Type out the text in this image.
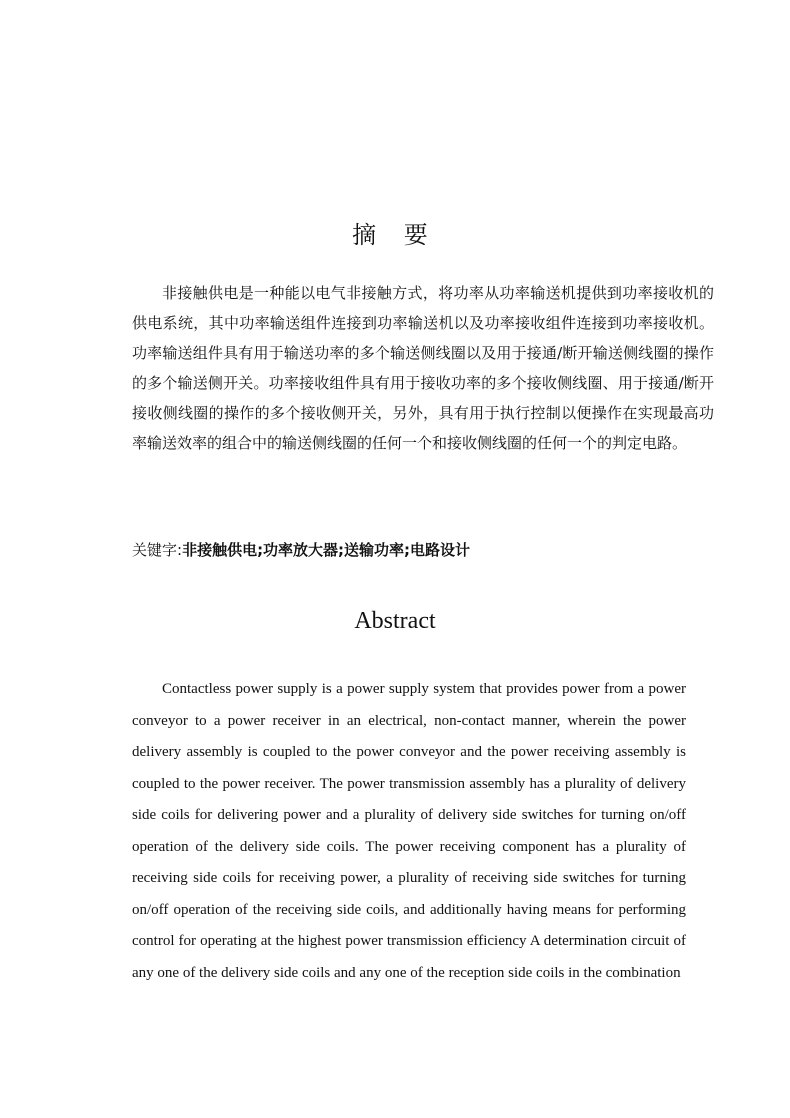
摘 要

非接触供电是一种能以电气非接触方式，将功率从功率输送机提供到功率接收机的供电系统，其中功率输送组件连接到功率输送机以及功率接收组件连接到功率接收机。功率输送组件具有用于输送功率的多个输送侧线圈以及用于接通/断开输送侧线圈的操作的多个输送侧开关。功率接收组件具有用于接收功率的多个接收侧线圈、用于接通/断开接收侧线圈的操作的多个接收侧开关，另外，具有用于执行控制以便操作在实现最高功率输送效率的组合中的输送侧线圈的任何一个和接收侧线圈的任何一个的判定电路。

关键字:非接触供电;功率放大器;送输功率;电路设计

Abstract

Contactless power supply is a power supply system that provides power from a power conveyor to a power receiver in an electrical, non-contact manner, wherein the power delivery assembly is coupled to the power conveyor and the power receiving assembly is coupled to the power receiver. The power transmission assembly has a plurality of delivery side coils for delivering power and a plurality of delivery side switches for turning on/off operation of the delivery side coils. The power receiving component has a plurality of receiving side coils for receiving power, a plurality of receiving side switches for turning on/off operation of the receiving side coils, and additionally having means for performing control for operating at the highest power transmission efficiency A determination circuit of any one of the delivery side coils and any one of the reception side coils in the combination
